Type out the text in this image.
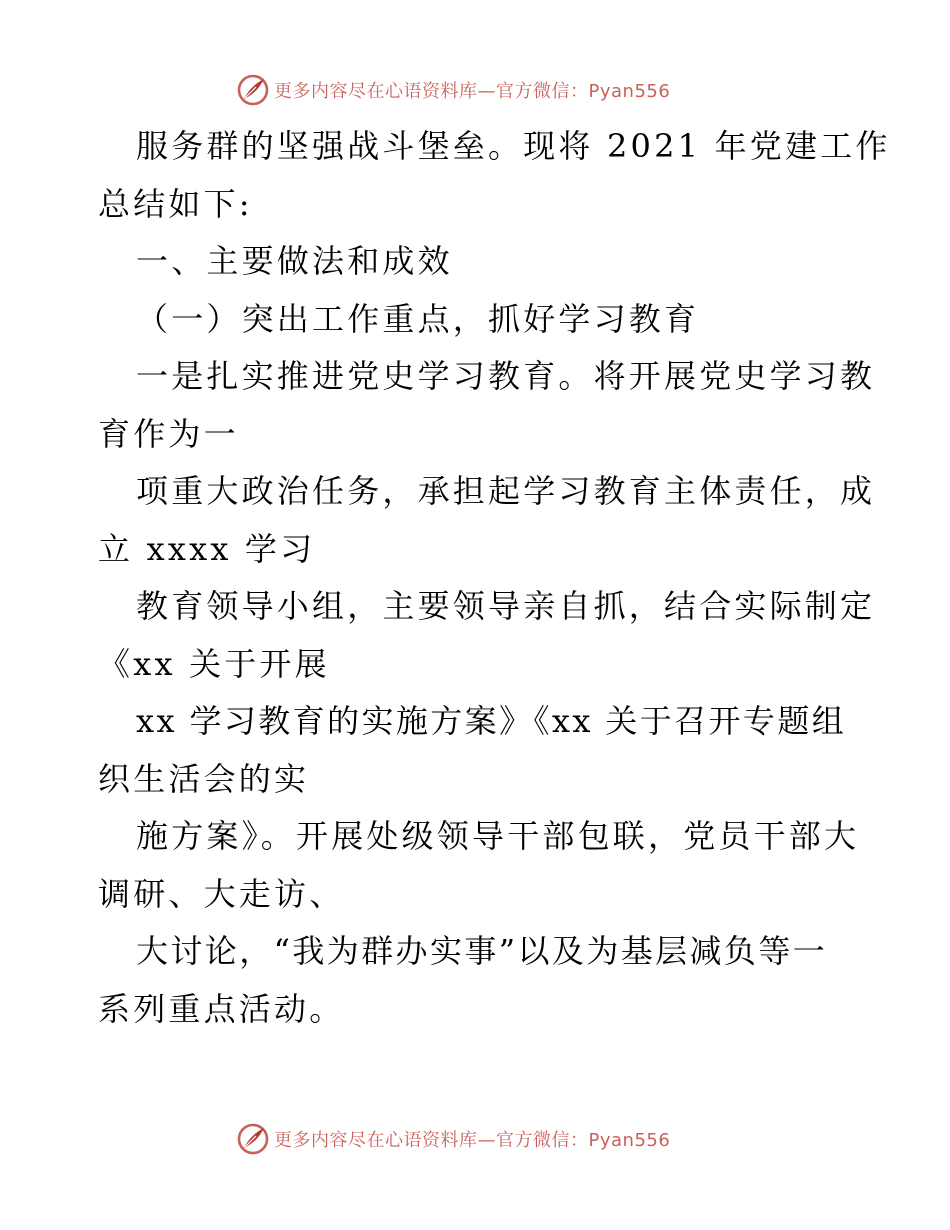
更多内容尽在心语资料库—官方微信：Pyan556
服务群的坚强战斗堡垒。现将 2021 年党建工作
总结如下:
一、主要做法和成效
（一）突出工作重点，抓好学习教育
一是扎实推进党史学习教育。将开展党史学习教
育作为一
项重大政治任务，承担起学习教育主体责任，成
立 xxxx 学习
教育领导小组，主要领导亲自抓，结合实际制定
《xx 关于开展
xx 学习教育的实施方案》《xx 关于召开专题组
织生活会的实
施方案》。开展处级领导干部包联，党员干部大
调研、大走访、
大讨论，“我为群办实事”以及为基层减负等一
系列重点活动。
更多内容尽在心语资料库—官方微信：Pyan556
